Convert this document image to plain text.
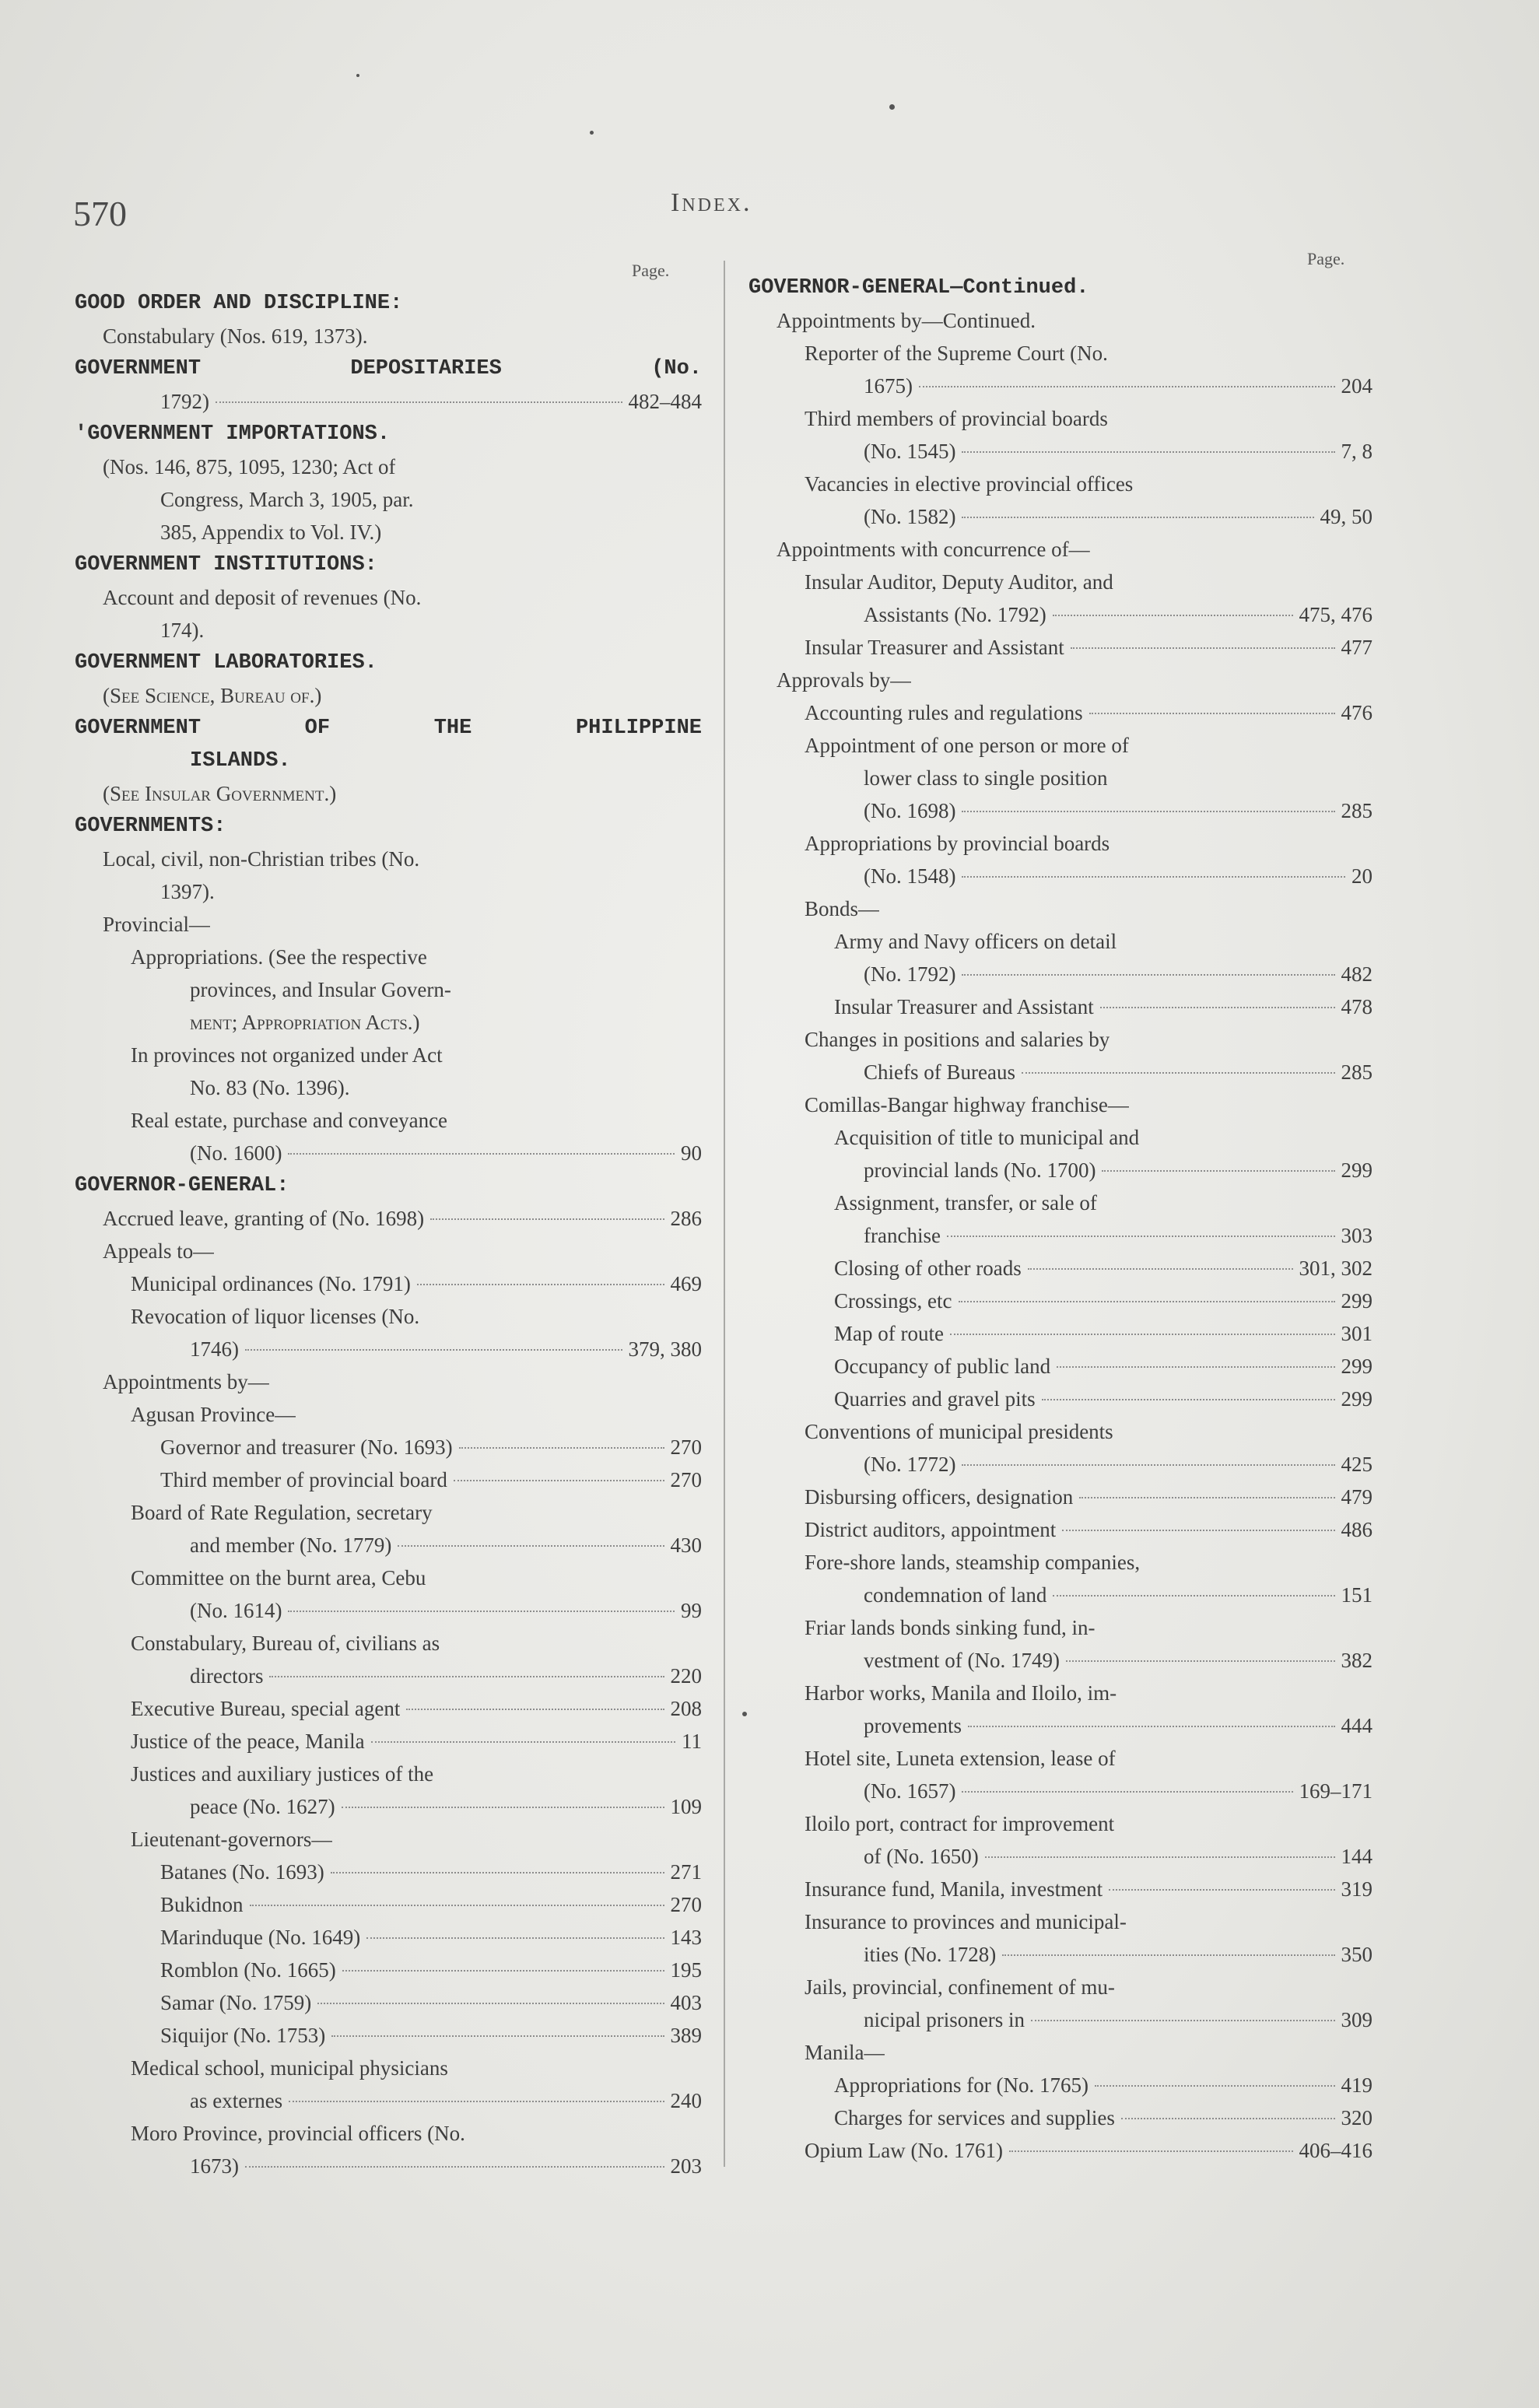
570	Index.
Page.
Page.
GOOD ORDER AND DISCIPLINE:
Constabulary (Nos. 619, 1373).
GOVERNMENT	DEPOSITARIES	(No.
1792)	482–484
'GOVERNMENT IMPORTATIONS.
(Nos. 146, 875, 1095, 1230; Act of
Congress, March 3, 1905, par.
385, Appendix to Vol. IV.)
GOVERNMENT INSTITUTIONS:
Account and deposit of revenues (No.
174).
GOVERNMENT LABORATORIES.
(See Science, Bureau of.)
GOVERNMENT	OF	THE	PHILIPPINE
ISLANDS.
(See Insular Government.)
GOVERNMENTS:
Local, civil, non-Christian tribes (No.
1397).
Provincial—
Appropriations. (See the respective
provinces, and Insular Govern-
ment; Appropriation Acts.)
In provinces not organized under Act
No. 83 (No. 1396).
Real estate, purchase and conveyance
(No. 1600)	90
GOVERNOR-GENERAL:
Accrued leave, granting of (No. 1698)	286
Appeals to—
Municipal ordinances (No. 1791)	469
Revocation of liquor licenses (No.
1746)	379, 380
Appointments by—
Agusan Province—
Governor and treasurer (No. 1693)	270
Third member of provincial board	270
Board of Rate Regulation, secretary
and member (No. 1779)	430
Committee on the burnt area, Cebu
(No. 1614)	99
Constabulary, Bureau of, civilians as
directors	220
Executive Bureau, special agent	208
Justice of the peace, Manila	11
Justices and auxiliary justices of the
peace (No. 1627)	109
Lieutenant-governors—
Batanes (No. 1693)	271
Bukidnon	270
Marinduque (No. 1649)	143
Romblon (No. 1665)	195
Samar (No. 1759)	403
Siquijor (No. 1753)	389
Medical school, municipal physicians
as externes	240
Moro Province, provincial officers (No.
1673)	203
GOVERNOR-GENERAL—Continued.
Appointments by—Continued.
Reporter of the Supreme Court (No.
1675)	204
Third members of provincial boards
(No. 1545)	7, 8
Vacancies in elective provincial offices
(No. 1582)	49, 50
Appointments with concurrence of—
Insular Auditor, Deputy Auditor, and
Assistants (No. 1792)	475, 476
Insular Treasurer and Assistant	477
Approvals by—
Accounting rules and regulations	476
Appointment of one person or more of
lower class to single position
(No. 1698)	285
Appropriations by provincial boards
(No. 1548)	20
Bonds—
Army and Navy officers on detail
(No. 1792)	482
Insular Treasurer and Assistant	478
Changes in positions and salaries by
Chiefs of Bureaus	285
Comillas-Bangar highway franchise—
Acquisition of title to municipal and
provincial lands (No. 1700)	299
Assignment, transfer, or sale of
franchise	303
Closing of other roads	301, 302
Crossings, etc	299
Map of route	301
Occupancy of public land	299
Quarries and gravel pits	299
Conventions of municipal presidents
(No. 1772)	425
Disbursing officers, designation	479
District auditors, appointment	486
Fore-shore lands, steamship companies,
condemnation of land	151
Friar lands bonds sinking fund, in-
vestment of (No. 1749)	382
Harbor works, Manila and Iloilo, im-
provements	444
Hotel site, Luneta extension, lease of
(No. 1657)	169–171
Iloilo port, contract for improvement
of (No. 1650)	144
Insurance fund, Manila, investment	319
Insurance to provinces and municipal-
ities (No. 1728)	350
Jails, provincial, confinement of mu-
nicipal prisoners in	309
Manila—
Appropriations for (No. 1765)	419
Charges for services and supplies	320
Opium Law (No. 1761)	406–416
